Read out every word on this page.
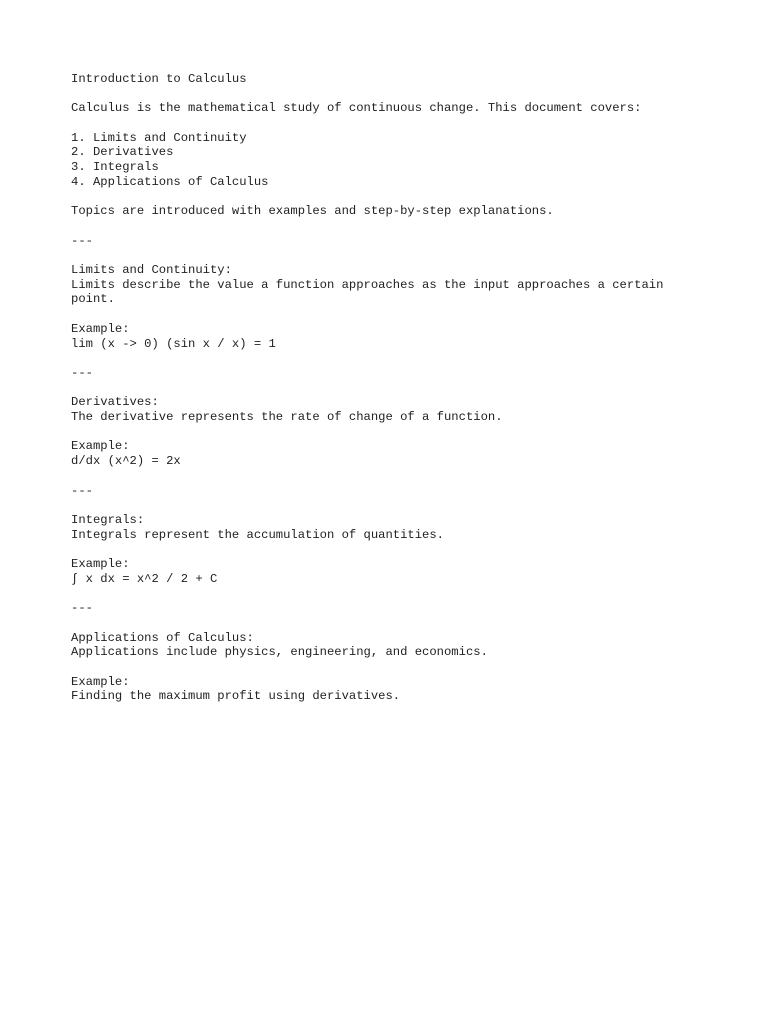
Introduction to Calculus
Calculus is the mathematical study of continuous change. This document covers:
1. Limits and Continuity
2. Derivatives
3. Integrals
4. Applications of Calculus
Topics are introduced with examples and step-by-step explanations.
---
Limits and Continuity:
Limits describe the value a function approaches as the input approaches a certain point.
Example:
lim (x -> 0) (sin x / x) = 1
---
Derivatives:
The derivative represents the rate of change of a function.
Example:
d/dx (x^2) = 2x
---
Integrals:
Integrals represent the accumulation of quantities.
Example:
∫ x dx = x^2 / 2 + C
---
Applications of Calculus:
Applications include physics, engineering, and economics.
Example:
Finding the maximum profit using derivatives.
